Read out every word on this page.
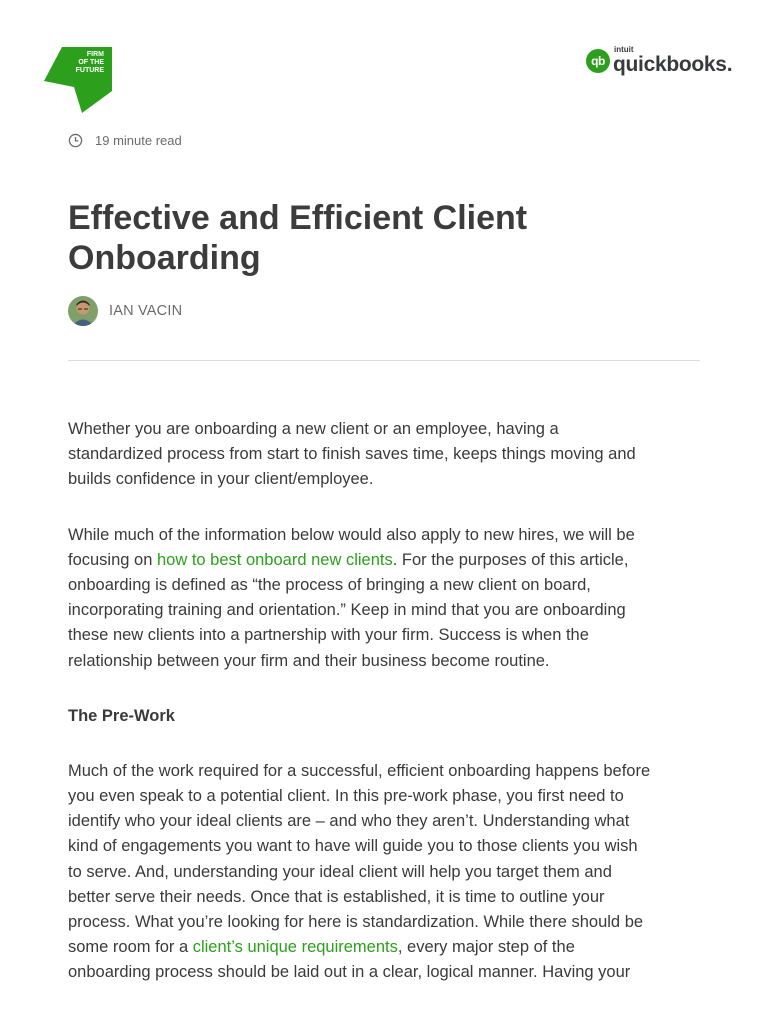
FIRM
OF THE
FUTURE
qb
intuit
quickbooks.
19 minute read
Effective and Efficient Client
Onboarding
IAN VACIN

Whether you are onboarding a new client or an employee, having a
standardized process from start to finish saves time, keeps things moving and
builds confidence in your client/employee.

While much of the information below would also apply to new hires, we will be
focusing on how to best onboard new clients. For the purposes of this article,
onboarding is defined as “the process of bringing a new client on board,
incorporating training and orientation.” Keep in mind that you are onboarding
these new clients into a partnership with your firm. Success is when the
relationship between your firm and their business become routine.

The Pre-Work

Much of the work required for a successful, efficient onboarding happens before
you even speak to a potential client. In this pre-work phase, you first need to
identify who your ideal clients are – and who they aren’t. Understanding what
kind of engagements you want to have will guide you to those clients you wish
to serve. And, understanding your ideal client will help you target them and
better serve their needs. Once that is established, it is time to outline your
process. What you’re looking for here is standardization. While there should be
some room for a client’s unique requirements, every major step of the
onboarding process should be laid out in a clear, logical manner. Having your
